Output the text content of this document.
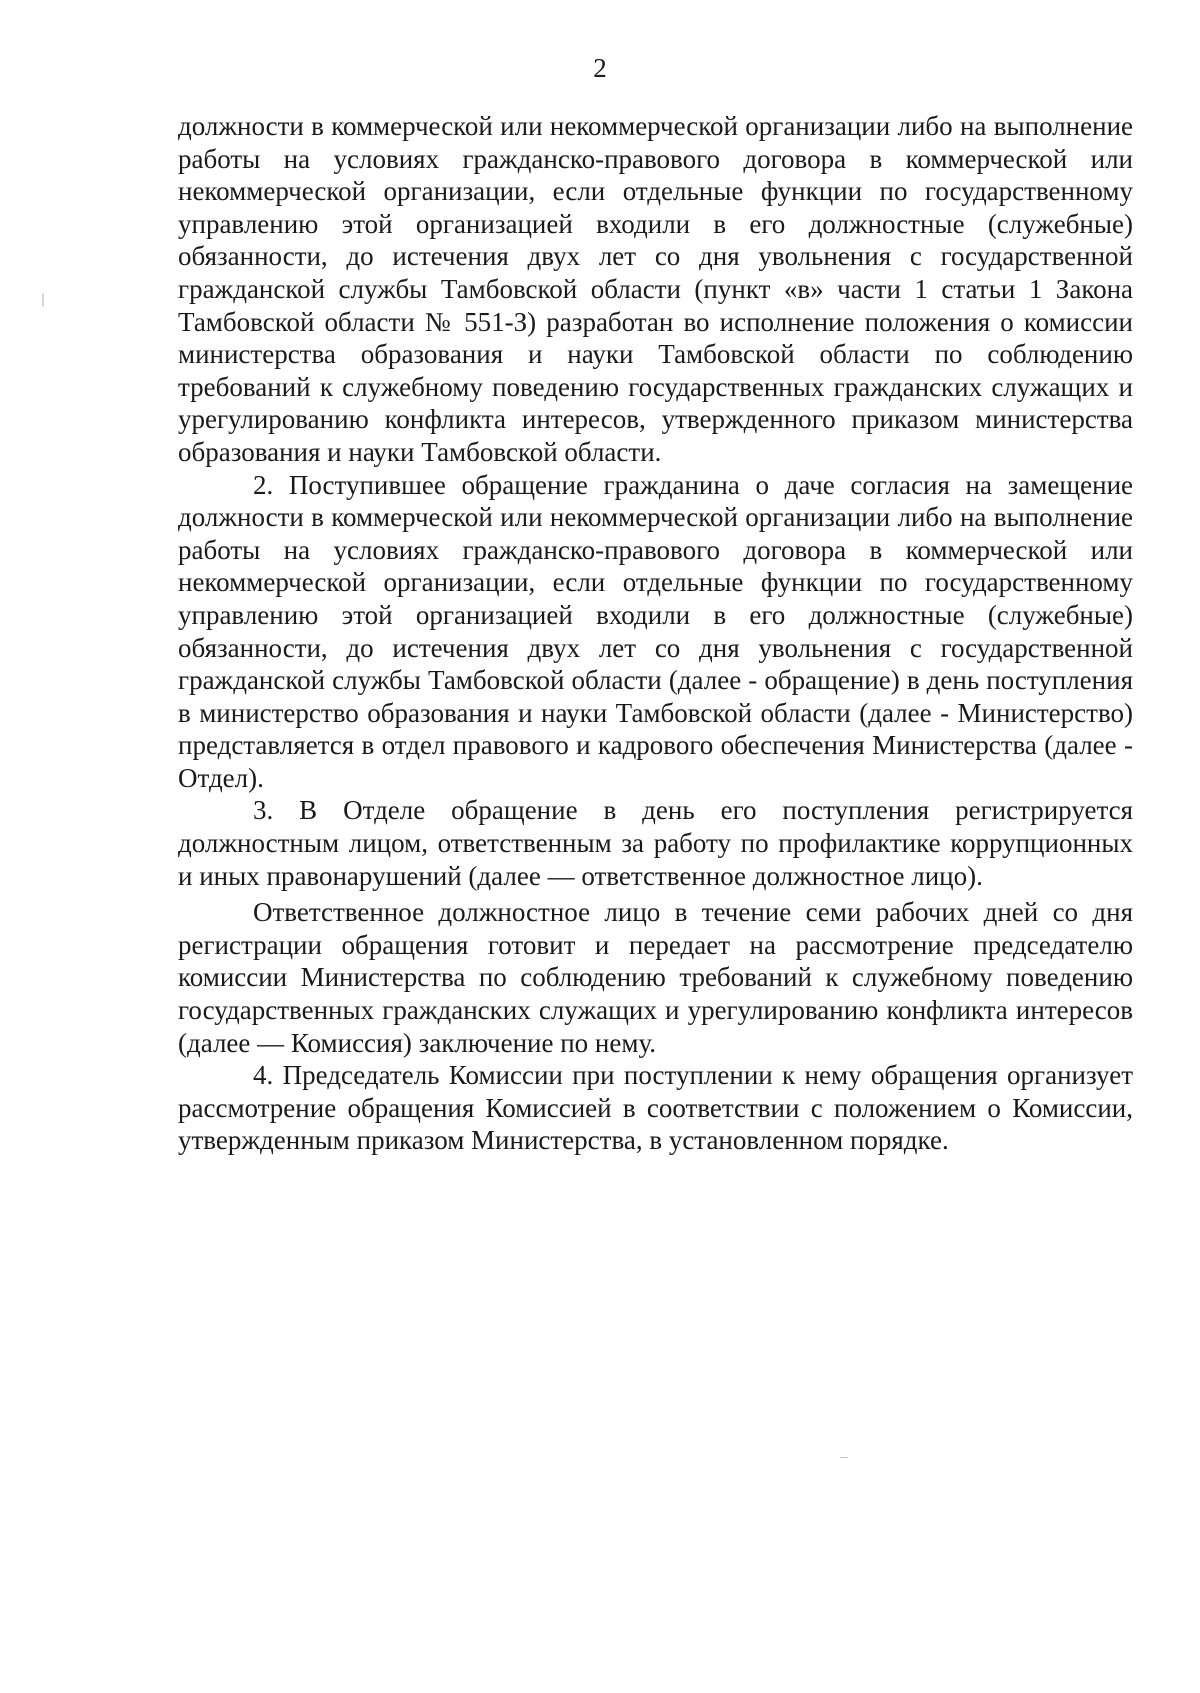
2

должности в коммерческой или некоммерческой организации либо на выполнение работы на условиях гражданско-правового договора в коммерческой или некоммерческой организации, если отдельные функции по государственному управлению этой организацией входили в его должностные (служебные) обязанности, до истечения двух лет со дня увольнения с государственной гражданской службы Тамбовской области (пункт «в» части 1 статьи 1 Закона Тамбовской области № 551-З) разработан во исполнение положения о комиссии министерства образования и науки Тамбовской области по соблюдению требований к служебному поведению государственных гражданских служащих и урегулированию конфликта интересов, утвержденного приказом министерства образования и науки Тамбовской области.

2. Поступившее обращение гражданина о даче согласия на замещение должности в коммерческой или некоммерческой организации либо на выполнение работы на условиях гражданско-правового договора в коммерческой или некоммерческой организации, если отдельные функции по государственному управлению этой организацией входили в его должностные (служебные) обязанности, до истечения двух лет со дня увольнения с государственной гражданской службы Тамбовской области (далее - обращение) в день поступления в министерство образования и науки Тамбовской области (далее - Министерство) представляется в отдел правового и кадрового обеспечения Министерства (далее - Отдел).

3. В Отделе обращение в день его поступления регистрируется должностным лицом, ответственным за работу по профилактике коррупционных и иных правонарушений (далее — ответственное должностное лицо).

Ответственное должностное лицо в течение семи рабочих дней со дня регистрации обращения готовит и передает на рассмотрение председателю комиссии Министерства по соблюдению требований к служебному поведению государственных гражданских служащих и урегулированию конфликта интересов (далее — Комиссия) заключение по нему.

4. Председатель Комиссии при поступлении к нему обращения организует рассмотрение обращения Комиссией в соответствии с положением о Комиссии, утвержденным приказом Министерства, в установленном порядке.
